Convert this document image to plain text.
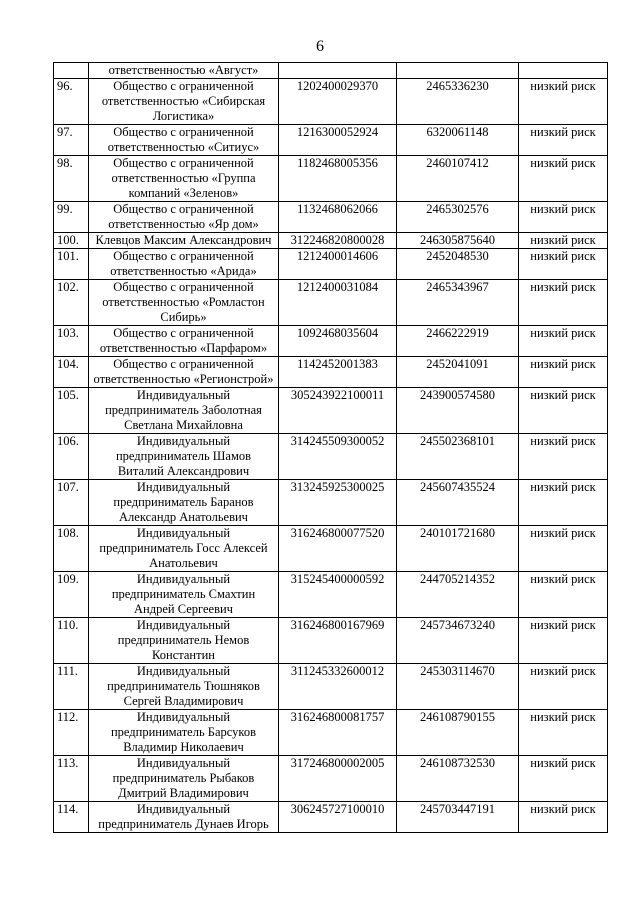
6
	ответственностью «Август»			
96.	Общество с ограниченной ответственностью «Сибирская Логистика»	1202400029370	2465336230	низкий риск
97.	Общество с ограниченной ответственностью «Ситиус»	1216300052924	6320061148	низкий риск
98.	Общество с ограниченной ответственностью «Группа компаний «Зеленов»	1182468005356	2460107412	низкий риск
99.	Общество с ограниченной ответственностью «Яр дом»	1132468062066	2465302576	низкий риск
100.	Клевцов Максим Александрович	312246820800028	246305875640	низкий риск
101.	Общество с ограниченной ответственностью «Арида»	1212400014606	2452048530	низкий риск
102.	Общество с ограниченной ответственностью «Ромластон Сибирь»	1212400031084	2465343967	низкий риск
103.	Общество с ограниченной ответственностью «Парфаром»	1092468035604	2466222919	низкий риск
104.	Общество с ограниченной ответственностью «Регионстрой»	1142452001383	2452041091	низкий риск
105.	Индивидуальный предприниматель Заболотная Светлана Михайловна	305243922100011	243900574580	низкий риск
106.	Индивидуальный предприниматель Шамов Виталий Александрович	314245509300052	245502368101	низкий риск
107.	Индивидуальный предприниматель Баранов Александр Анатольевич	313245925300025	245607435524	низкий риск
108.	Индивидуальный предприниматель Госс Алексей Анатольевич	316246800077520	240101721680	низкий риск
109.	Индивидуальный предприниматель Смахтин Андрей Сергеевич	315245400000592	244705214352	низкий риск
110.	Индивидуальный предприниматель Немов Константин	316246800167969	245734673240	низкий риск
111.	Индивидуальный предприниматель Тюшняков Сергей Владимирович	311245332600012	245303114670	низкий риск
112.	Индивидуальный предприниматель Барсуков Владимир Николаевич	316246800081757	246108790155	низкий риск
113.	Индивидуальный предприниматель Рыбаков Дмитрий Владимирович	317246800002005	246108732530	низкий риск
114.	Индивидуальный предприниматель Дунаев Игорь	306245727100010	245703447191	низкий риск
